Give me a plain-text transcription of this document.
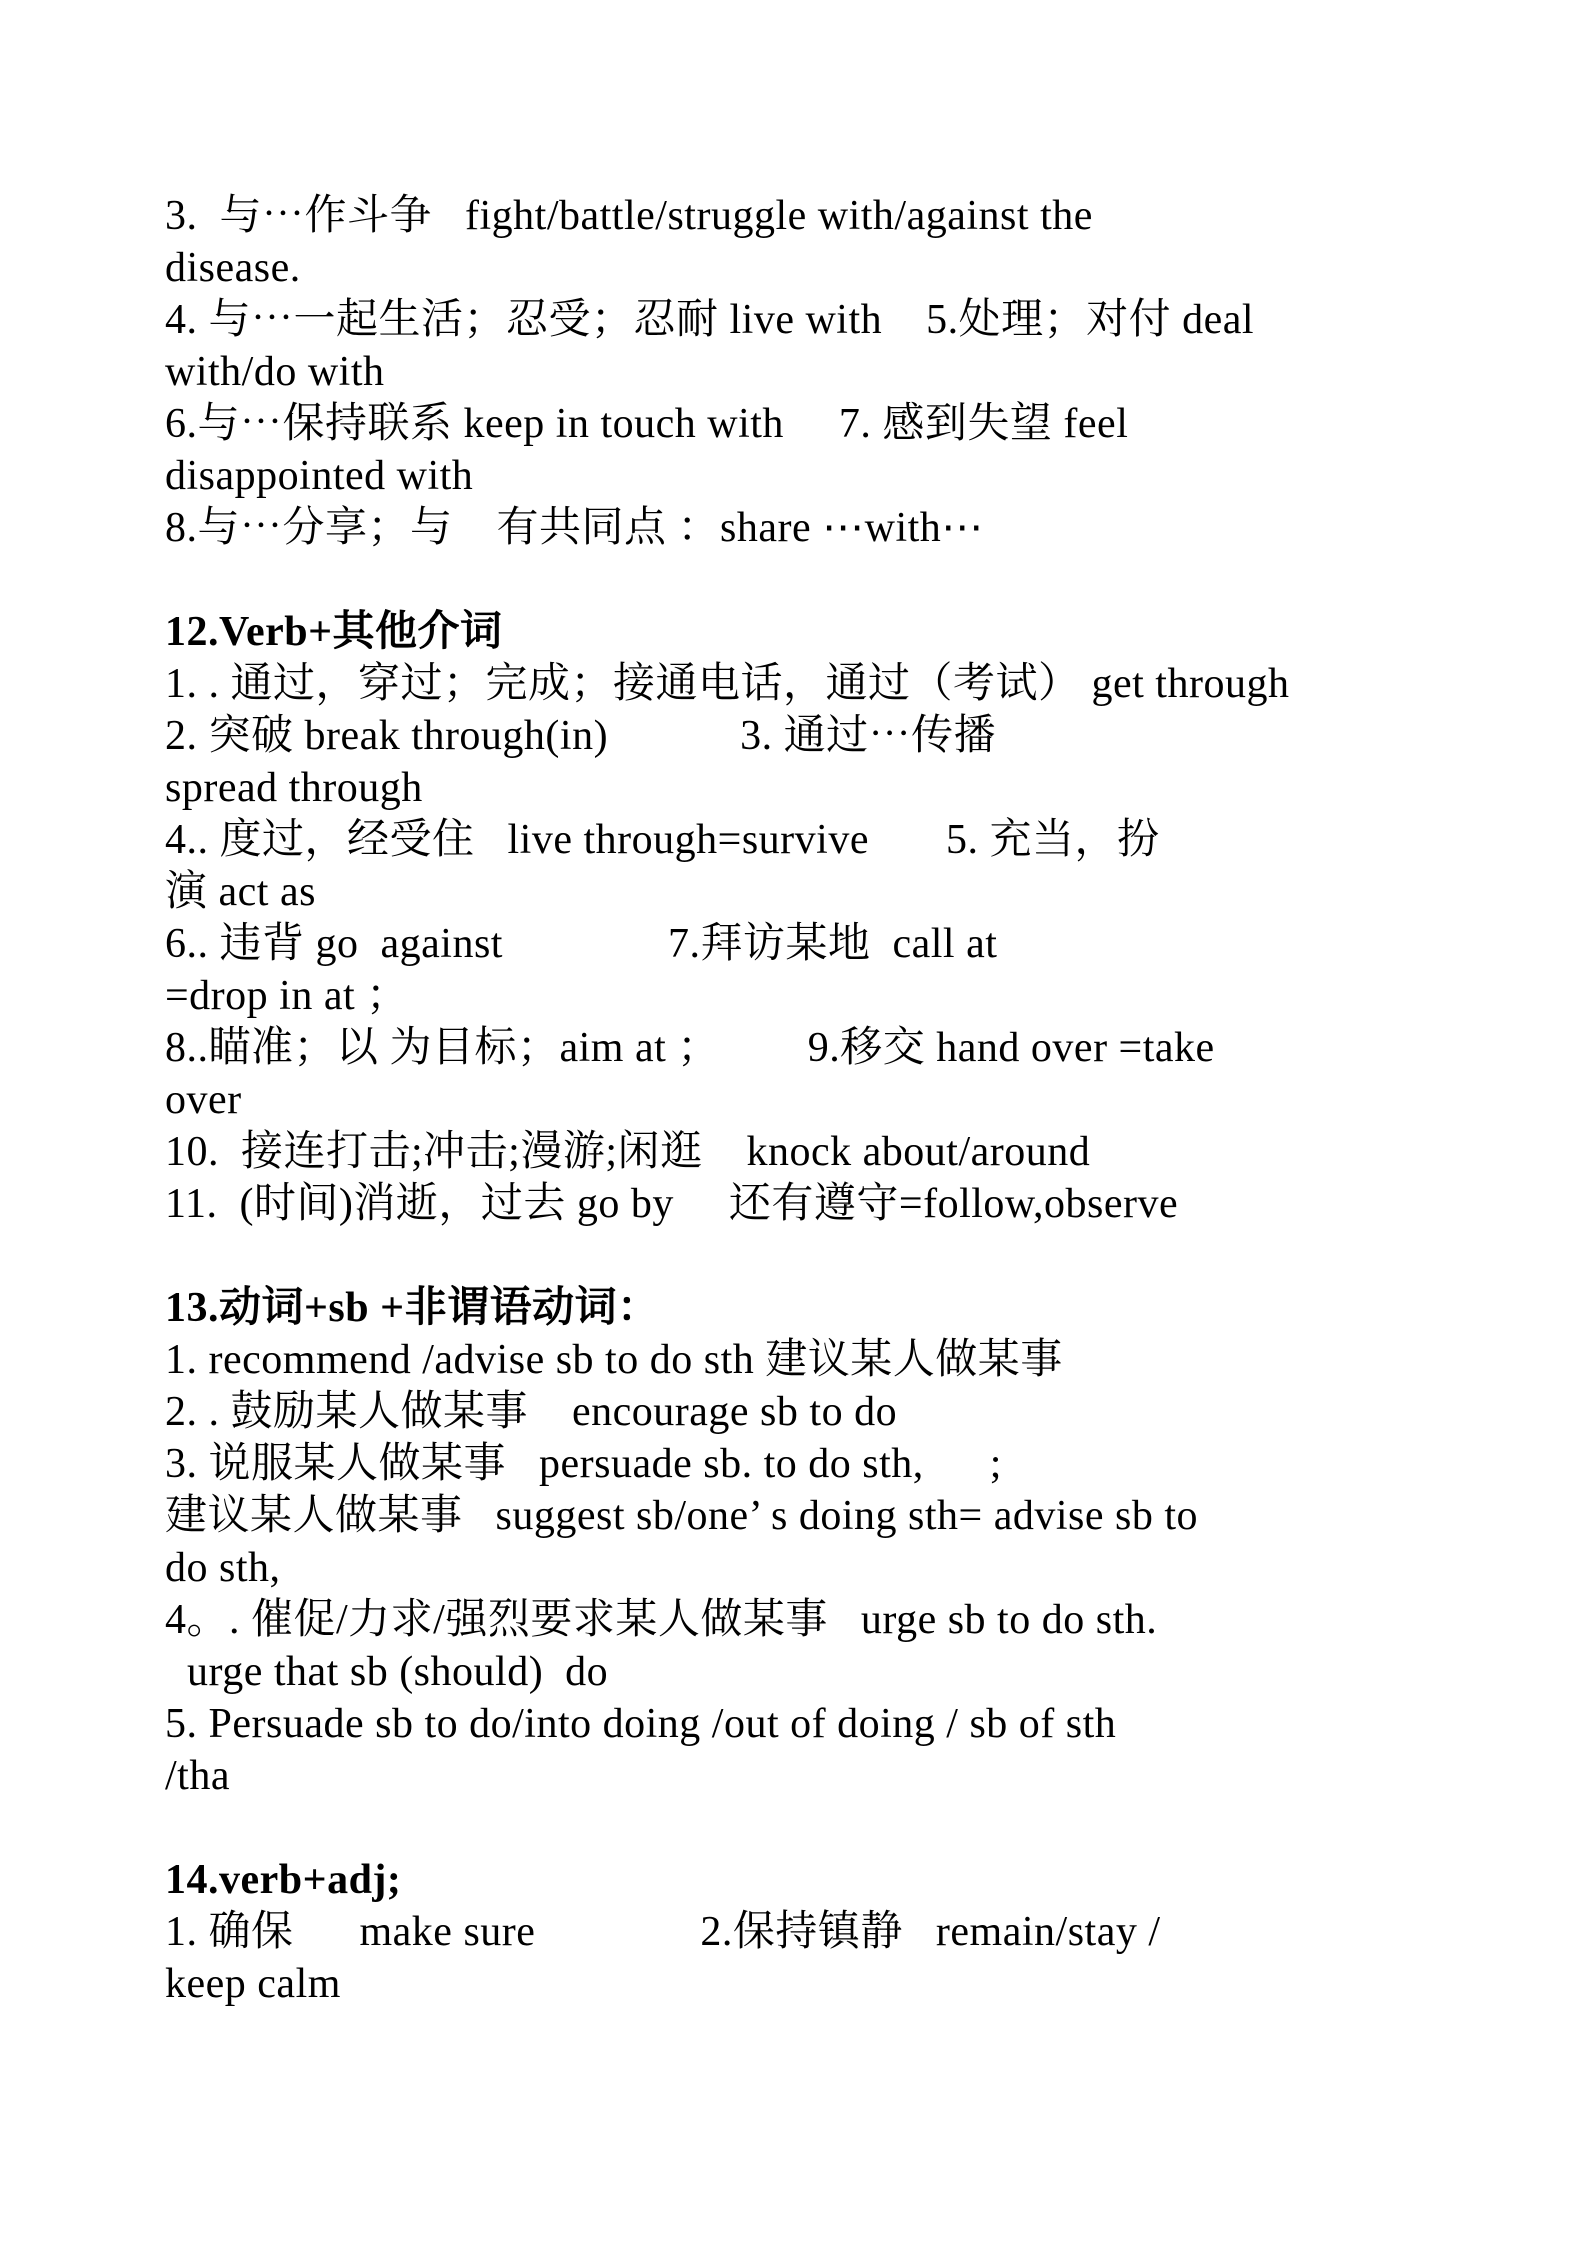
3.  与⋯作斗争   fight/battle/struggle with/against the
disease.
4. 与⋯一起生活；忍受；忍耐 live with    5.处理；对付 deal
with/do with
6.与⋯保持联系 keep in touch with     7. 感到失望 feel
disappointed with
8.与⋯分享；与    有共同点 ：share ⋯with⋯
12.Verb+其他介词
1. . 通过，穿过；完成；接通电话，通过（考试） get through
2. 突破 break through(in)            3. 通过⋯传播
spread through
4.. 度过，经受住   live through=survive       5. 充当，扮
演 act as
6.. 违背 go  against               7.拜访某地  call at
=drop in at ；
8..瞄准；以 为目标；aim at ；        9.移交 hand over =take
over
10.  接连打击;冲击;漫游;闲逛    knock about/around
11.  (时间)消逝，过去 go by     还有遵守=follow,observe
13.动词+sb +非谓语动词：
1. recommend /advise sb to do sth 建议某人做某事
2. . 鼓励某人做某事    encourage sb to do
3. 说服某人做某事   persuade sb. to do sth,      ;
建议某人做某事   suggest sb/one’ s doing sth= advise sb to
do sth,
4。. 催促/力求/强烈要求某人做某事   urge sb to do sth.
urge that sb (should)  do
5. Persuade sb to do/into doing /out of doing / sb of sth
/tha
14.verb+adj;
1. 确保      make sure               2.保持镇静   remain/stay /
keep calm
